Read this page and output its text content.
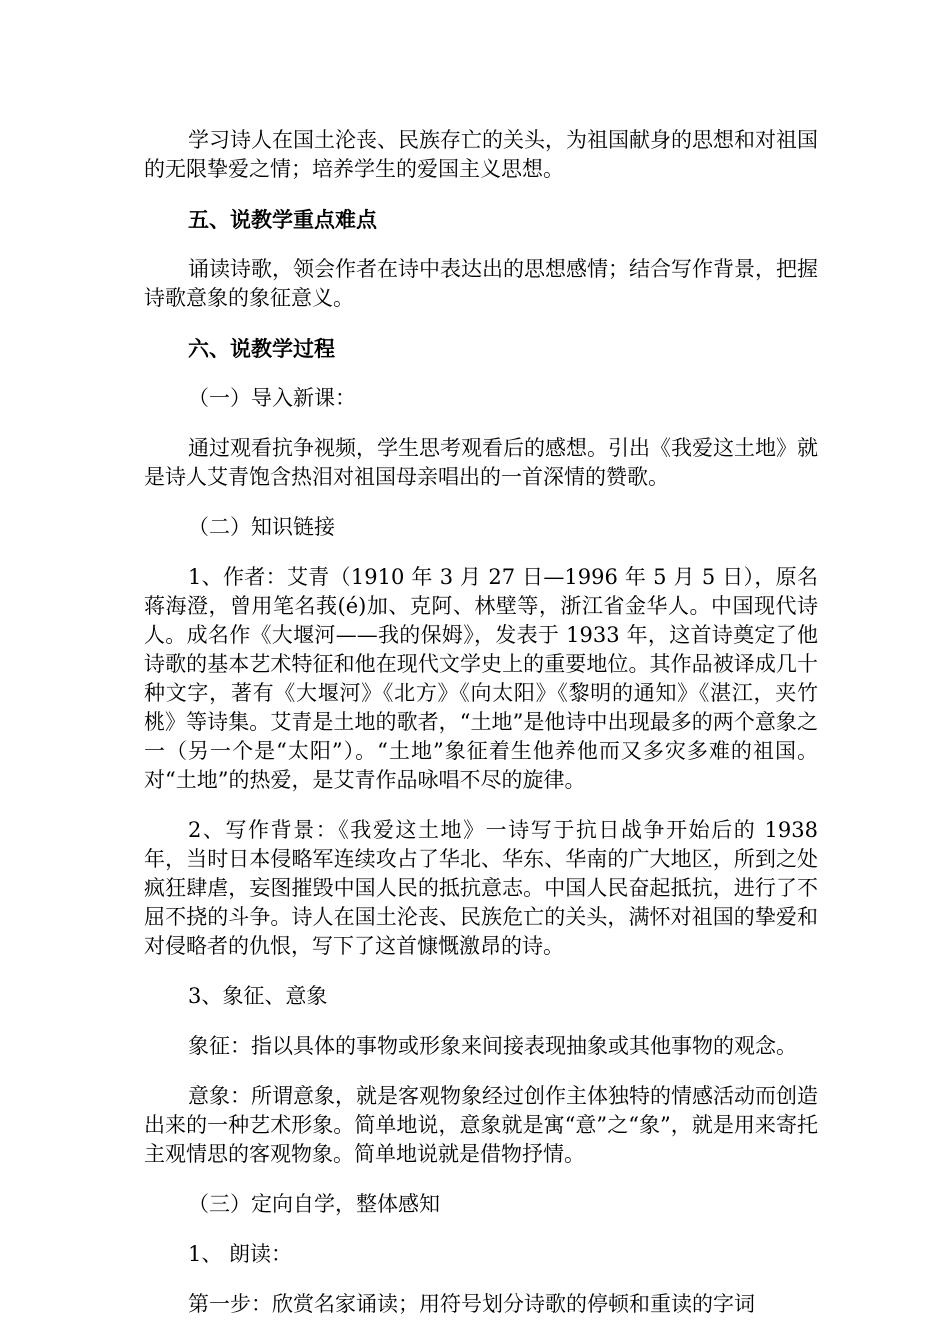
学习诗人在国土沦丧、民族存亡的关头，为祖国献身的思想和对祖国的无限挚爱之情；培养学生的爱国主义思想。

五、说教学重点难点

诵读诗歌，领会作者在诗中表达出的思想感情；结合写作背景，把握诗歌意象的象征意义。

六、说教学过程

（一）导入新课：

通过观看抗争视频，学生思考观看后的感想。引出《我爱这土地》就是诗人艾青饱含热泪对祖国母亲唱出的一首深情的赞歌。

（二）知识链接

1、作者：艾青（1910 年 3 月 27 日—1996 年 5 月 5 日），原名蒋海澄，曾用笔名莪(é)加、克阿、林壁等，浙江省金华人。中国现代诗人。成名作《大堰河——我的保姆》，发表于 1933 年，这首诗奠定了他诗歌的基本艺术特征和他在现代文学史上的重要地位。其作品被译成几十种文字，著有《大堰河》《北方》《向太阳》《黎明的通知》《湛江，夹竹桃》等诗集。艾青是土地的歌者，“土地”是他诗中出现最多的两个意象之一（另一个是“太阳”）。“土地”象征着生他养他而又多灾多难的祖国。对“土地”的热爱，是艾青作品咏唱不尽的旋律。

2、写作背景：《我爱这土地》一诗写于抗日战争开始后的 1938 年，当时日本侵略军连续攻占了华北、华东、华南的广大地区，所到之处疯狂肆虐，妄图摧毁中国人民的抵抗意志。中国人民奋起抵抗，进行了不屈不挠的斗争。诗人在国土沦丧、民族危亡的关头，满怀对祖国的挚爱和对侵略者的仇恨，写下了这首慷慨激昂的诗。

3、象征、意象

象征：指以具体的事物或形象来间接表现抽象或其他事物的观念。

意象：所谓意象，就是客观物象经过创作主体独特的情感活动而创造出来的一种艺术形象。简单地说，意象就是寓“意”之“象”，就是用来寄托主观情思的客观物象。简单地说就是借物抒情。

（三）定向自学，整体感知

1、 朗读：

第一步：欣赏名家诵读；用符号划分诗歌的停顿和重读的字词
